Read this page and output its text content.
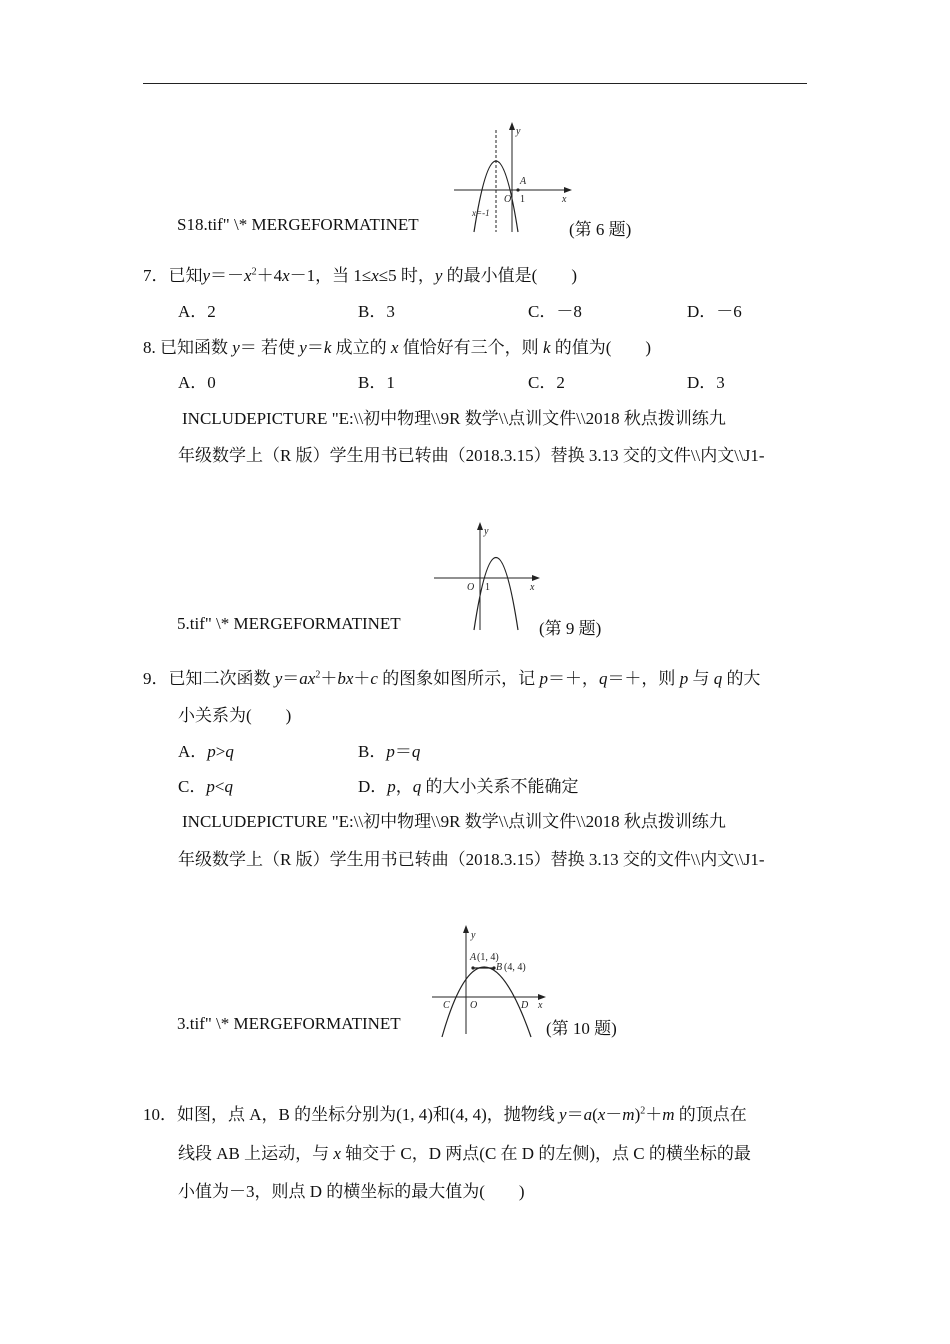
y
x
O 1
A
x=-1
S18.tif" \* MERGEFORMATINET	(第 6 题)
7．已知$y=-x^2+4x-1$，当 1≤x≤5 时，y 的最小值是(　　)
A．2	B．3	C．－8	D．－6
8. 已知函数 y＝ 若使 y＝k 成立的 x 值恰好有三个，则 k 的值为(　　)
A．0	B．1	C．2	D．3
INCLUDEPICTURE "E:\\初中物理\\9R 数学\\点训文件\\2018 秋点拨训练九
年级数学上（R 版）学生用书已转曲（2018.3.15）替换 3.13 交的文件\\内文\\J1-
y
x
O 1
5.tif" \* MERGEFORMATINET	(第 9 题)
9．已知二次函数 $y=ax^2+bx+c$ 的图象如图所示，记 p＝＋，q＝＋，则 p 与 q 的大
小关系为(　　)
A．p>q	B．p＝q
C．p<q	D．p，q 的大小关系不能确定
INCLUDEPICTURE "E:\\初中物理\\9R 数学\\点训文件\\2018 秋点拨训练九
年级数学上（R 版）学生用书已转曲（2018.3.15）替换 3.13 交的文件\\内文\\J1-
y
x
O
C	D
A (1, 4)
B (4, 4)
3.tif" \* MERGEFORMATINET	(第 10 题)
10．如图，点 A，B 的坐标分别为(1, 4)和(4, 4)，抛物线 $y=a(x-m)^2+m$ 的顶点在
线段 AB 上运动，与 x 轴交于 C，D 两点(C 在 D 的左侧)，点 C 的横坐标的最
小值为－3，则点 D 的横坐标的最大值为(　　)
